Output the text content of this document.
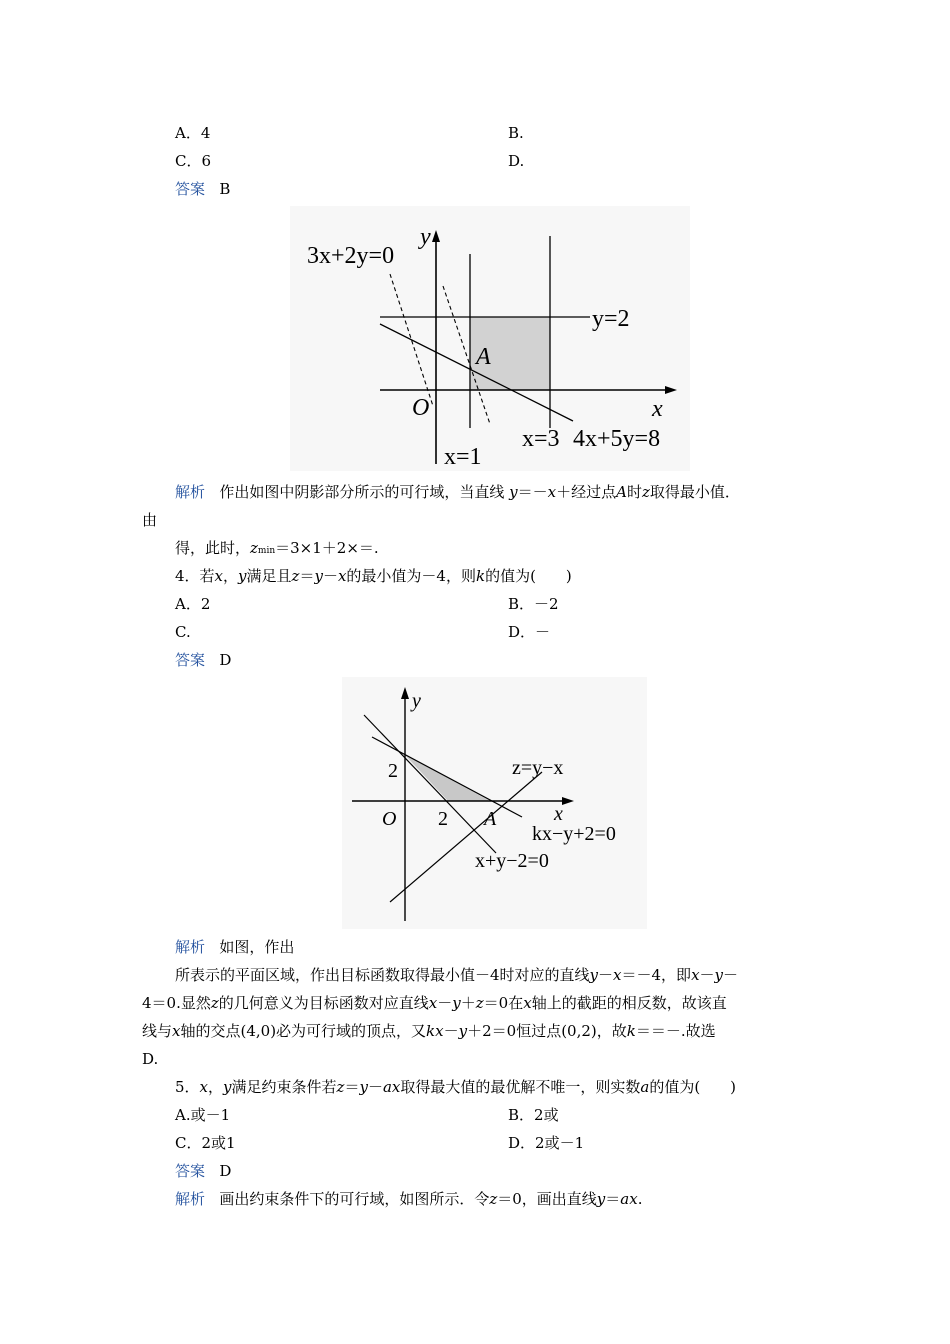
A．4	B.
C．6	D.
答案 B
3x+2y=0
y
y=2
A
O	x
x=3 4x+5y=8
x=1
解析 作出如图中阴影部分所示的可行域，当直线 y＝－x＋经过点A时z取得最小值．
由
得，此时，zmin＝3×1＋2×＝.
4．若x，y满足且z＝y－x的最小值为－4，则k的值为(　　)
A．2	B．－2
C.	D．－
答案 D
y
2	z=y−x
O 2 A	x
kx−y+2=0
x+y−2=0
解析 如图，作出
所表示的平面区域，作出目标函数取得最小值－4时对应的直线y－x＝－4，即x－y－
4＝0.显然z的几何意义为目标函数对应直线x－y＋z＝0在x轴上的截距的相反数，故该直
线与x轴的交点(4,0)必为可行域的顶点，又kx－y＋2＝0恒过点(0,2)，故k＝＝－.故选
D.
5．x，y满足约束条件若z＝y－ax取得最大值的最优解不唯一，则实数a的值为(　　)
A.或－1	B．2或
C．2或1	D．2或－1
答案 D
解析 画出约束条件下的可行域，如图所示．令z＝0，画出直线y＝ax.
